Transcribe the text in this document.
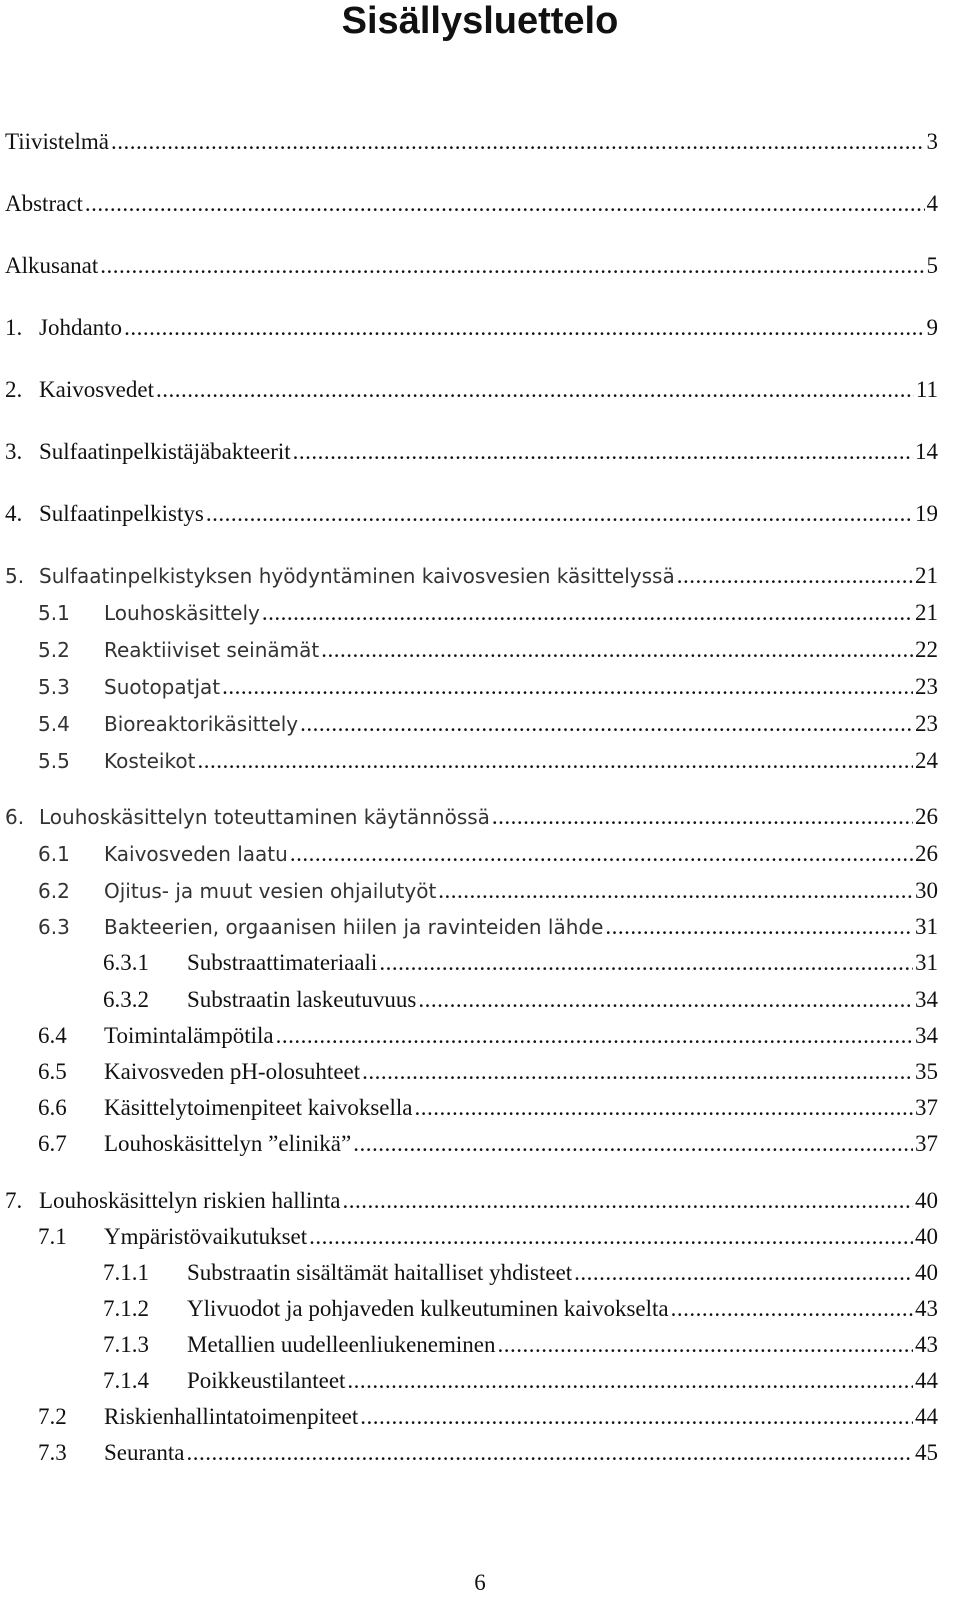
Sisällysluettelo
Tiivistelmä .....	3
Abstract .....	4
Alkusanat .....	5
1. Johdanto .....	9
2. Kaivosvedet .....	11
3. Sulfaatinpelkistäjäbakteerit .....	14
4. Sulfaatinpelkistys .....	19
5. Sulfaatinpelkistyksen hyödyntäminen kaivosvesien käsittelyssä .....	21
5.1	Louhoskäsittely .....	21
5.2	Reaktiiviset seinämät .....	22
5.3	Suotopatjat .....	23
5.4	Bioreaktorikäsittely .....	23
5.5	Kosteikot .....	24
6. Louhoskäsittelyn toteuttaminen käytännössä .....	26
6.1	Kaivosveden laatu .....	26
6.2	Ojitus- ja muut vesien ohjailutyöt .....	30
6.3	Bakteerien, orgaanisen hiilen ja ravinteiden lähde .....	31
6.3.1	Substraattimateriaali .....	31
6.3.2	Substraatin laskeutuvuus .....	34
6.4	Toimintalämpötila .....	34
6.5	Kaivosveden pH-olosuhteet .....	35
6.6	Käsittelytoimenpiteet kaivoksella .....	37
6.7	Louhoskäsittelyn ”elinikä” .....	37
7. Louhoskäsittelyn riskien hallinta .....	40
7.1	Ympäristövaikutukset .....	40
7.1.1	Substraatin sisältämät haitalliset yhdisteet .....	40
7.1.2	Ylivuodot ja pohjaveden kulkeutuminen kaivokselta .....	43
7.1.3	Metallien uudelleenliukeneminen .....	43
7.1.4	Poikkeustilanteet .....	44
7.2	Riskienhallintatoimenpiteet .....	44
7.3	Seuranta .....	45
6
